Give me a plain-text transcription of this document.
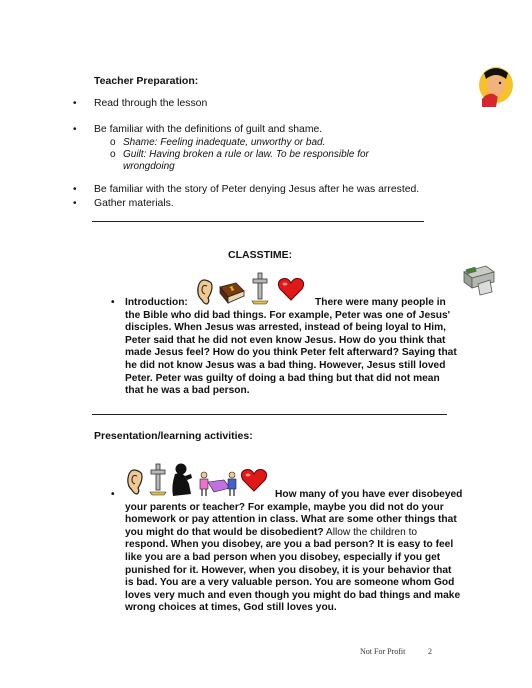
Teacher Preparation:
• Read through the lesson
• Be familiar with the definitions of guilt and shame.
o Shame: Feeling inadequate, unworthy or bad.
o Guilt: Having broken a rule or law. To be responsible for
wrongdoing
• Be familiar with the story of Peter denying Jesus after he was arrested.
• Gather materials.
CLASSTIME:
• Introduction:	There were many people in
the Bible who did bad things. For example, Peter was one of Jesus'
disciples. When Jesus was arrested, instead of being loyal to Him,
Peter said that he did not even know Jesus. How do you think that
made Jesus feel? How do you think Peter felt afterward? Saying that
he did not know Jesus was a bad thing. However, Jesus still loved
Peter. Peter was guilty of doing a bad thing but that did not mean
that he was a bad person.
Presentation/learning activities:
•	How many of you have ever disobeyed
your parents or teacher? For example, maybe you did not do your
homework or pay attention in class. What are some other things that
you might do that would be disobedient? Allow the children to
respond. When you disobey, are you a bad person? It is easy to feel
like you are a bad person when you disobey, especially if you get
punished for it. However, when you disobey, it is your behavior that
is bad. You are a very valuable person. You are someone whom God
loves very much and even though you might do bad things and make
wrong choices at times, God still loves you.
Not For Profit	2
